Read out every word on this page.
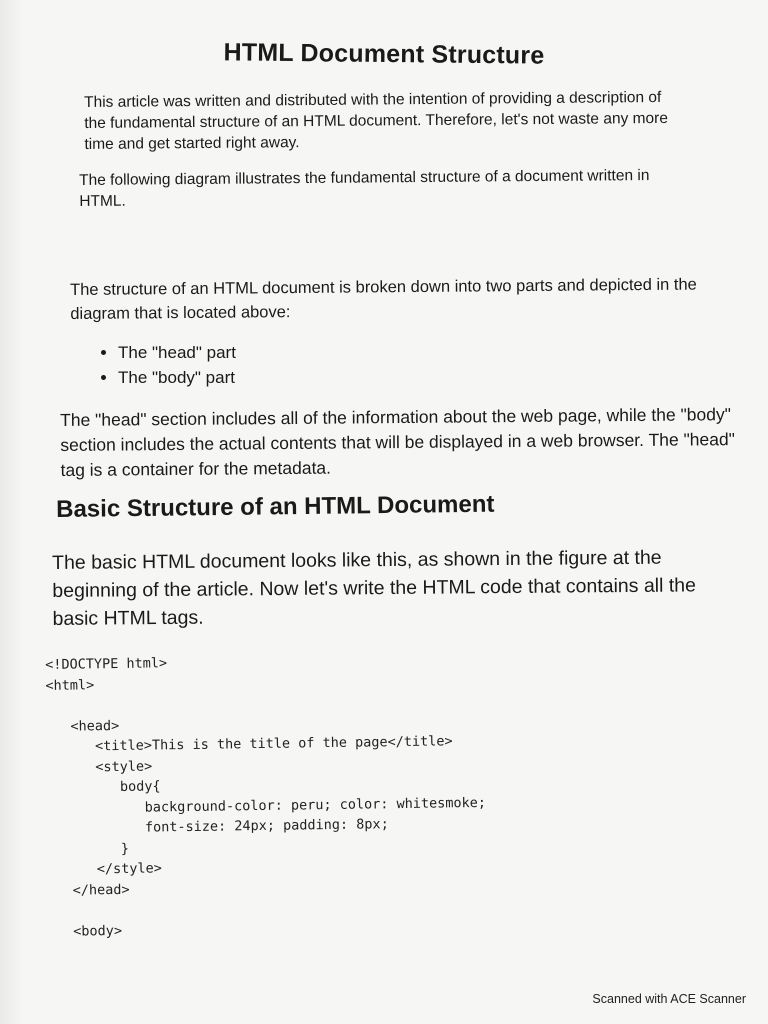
HTML Document Structure

This article was written and distributed with the intention of providing a description of the fundamental structure of an HTML document. Therefore, let's not waste any more time and get started right away.

The following diagram illustrates the fundamental structure of a document written in HTML.

The structure of an HTML document is broken down into two parts and depicted in the diagram that is located above:

• The "head" part
• The "body" part

The "head" section includes all of the information about the web page, while the "body" section includes the actual contents that will be displayed in a web browser. The "head" tag is a container for the metadata.

Basic Structure of an HTML Document

The basic HTML document looks like this, as shown in the figure at the beginning of the article. Now let's write the HTML code that contains all the basic HTML tags.

<!DOCTYPE html>
<html>

<head>
<title>This is the title of the page</title>
<style>
body{
background-color: peru; color: whitesmoke;
font-size: 24px; padding: 8px;
}
</style>
</head>

<body>
Scanned with ACE Scanner
